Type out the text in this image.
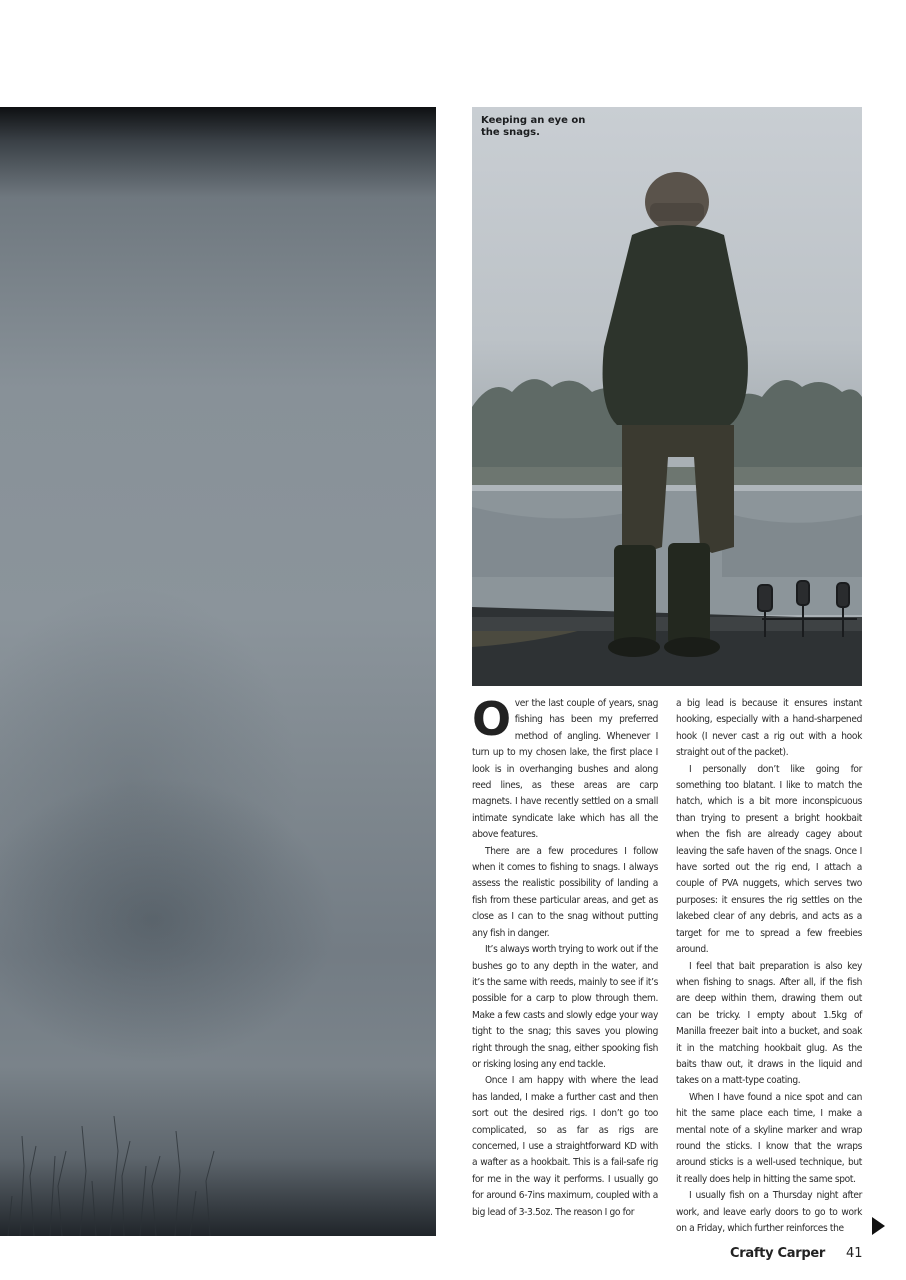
Keeping an eye on the snags.

Over the last couple of years, snag fishing has been my preferred method of angling. Whenever I turn up to my chosen lake, the first place I look is in overhanging bushes and along reed lines, as these areas are carp magnets. I have recently settled on a small intimate syndicate lake which has all the above features.

There are a few procedures I follow when it comes to fishing to snags. I always assess the realistic possibility of landing a fish from these particular areas, and get as close as I can to the snag without putting any fish in danger.

It’s always worth trying to work out if the bushes go to any depth in the water, and it’s the same with reeds, mainly to see if it’s possible for a carp to plow through them. Make a few casts and slowly edge your way tight to the snag; this saves you plowing right through the snag, either spooking fish or risking losing any end tackle.

Once I am happy with where the lead has landed, I make a further cast and then sort out the desired rigs. I don’t go too complicated, so as far as rigs are concerned, I use a straightforward KD with a wafter as a hookbait. This is a fail-safe rig for me in the way it performs. I usually go for around 6-7ins maximum, coupled with a big lead of 3-3.5oz. The reason I go for

a big lead is because it ensures instant hooking, especially with a hand-sharpened hook (I never cast a rig out with a hook straight out of the packet).

I personally don’t like going for something too blatant. I like to match the hatch, which is a bit more inconspicuous than trying to present a bright hookbait when the fish are already cagey about leaving the safe haven of the snags. Once I have sorted out the rig end, I attach a couple of PVA nuggets, which serves two purposes: it ensures the rig settles on the lakebed clear of any debris, and acts as a target for me to spread a few freebies around.

I feel that bait preparation is also key when fishing to snags. After all, if the fish are deep within them, drawing them out can be tricky. I empty about 1.5kg of Manilla freezer bait into a bucket, and soak it in the matching hookbait glug. As the baits thaw out, it draws in the liquid and takes on a matt-type coating.

When I have found a nice spot and can hit the same place each time, I make a mental note of a skyline marker and wrap round the sticks. I know that the wraps around sticks is a well-used technique, but it really does help in hitting the same spot.

I usually fish on a Thursday night after work, and leave early doors to go to work on a Friday, which further reinforces the

Crafty Carper 41
